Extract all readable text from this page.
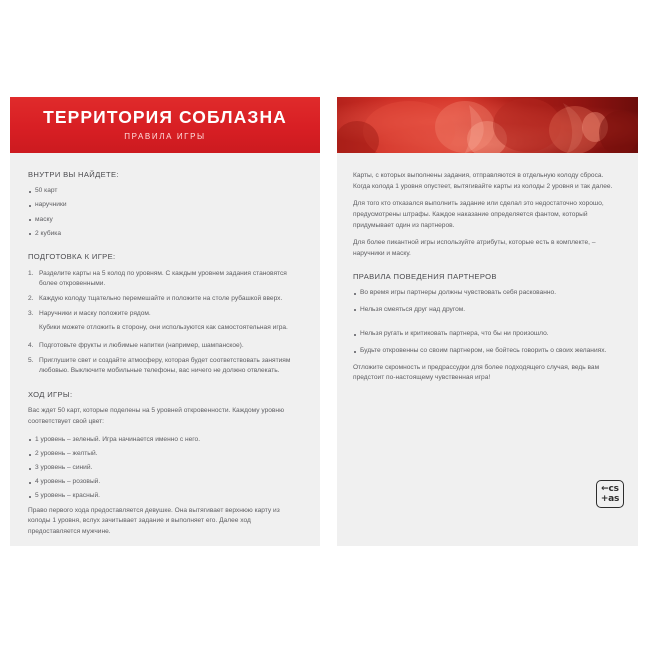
ТЕРРИТОРИЯ СОБЛАЗНА
ПРАВИЛА ИГРЫ
ВНУТРИ ВЫ НАЙДЕТЕ:
50 карт
наручники
маску
2 кубика
ПОДГОТОВКА К ИГРЕ:
Разделите карты на 5 колод по уровням. С каждым уровнем задания становятся более откровенными.
Каждую колоду тщательно перемешайте и положите на столе рубашкой вверх.
Наручники и маску положите рядом.

Кубики можете отложить в сторону, они используются как самостоятельная игра.

Подготовьте фрукты и любимые напитки (например, шампанское).
Приглушите свет и создайте атмосферу, которая будет соответствовать занятиям любовью. Выключите мобильные телефоны, вас ничего не должно отвлекать.
ХОД ИГРЫ:

Вас ждет 50 карт, которые поделены на 5 уровней откровенности. Каждому уровню соответствует свой цвет:

1 уровень – зеленый. Игра начинается именно с него.
2 уровень – желтый.
3 уровень – синий.
4 уровень – розовый.
5 уровень – красный.

Право первого хода предоставляется девушке. Она вытягивает верхнюю карту из колоды 1 уровня, вслух зачитывает задание и выполняет его. Далее ход предоставляется мужчине.

Карты, с которых выполнены задания, отправляются в отдельную колоду сброса. Когда колода 1 уровня опустеет, вытягивайте карты из колоды 2 уровня и так далее.

Для того кто отказался выполнить задание или сделал это недостаточно хорошо, предусмотрены штрафы. Каждое наказание определяется фантом, который придумывает один из партнеров.

Для более пикантной игры используйте атрибуты, которые есть в комплекте, – наручники и маску.

ПРАВИЛА ПОВЕДЕНИЯ ПАРТНЕРОВ
Во время игры партнеры должны чувствовать себя раскованно.
Нельзя смеяться друг над другом.
Нельзя ругать и критиковать партнера, что бы ни произошло.
Будьте откровенны со своим партнером, не бойтесь говорить о своих желаниях.

Отложите скромность и предрассудки для более подходящего случая, ведь вам предстоит по-настоящему чувственная игра!

←cs
+as
